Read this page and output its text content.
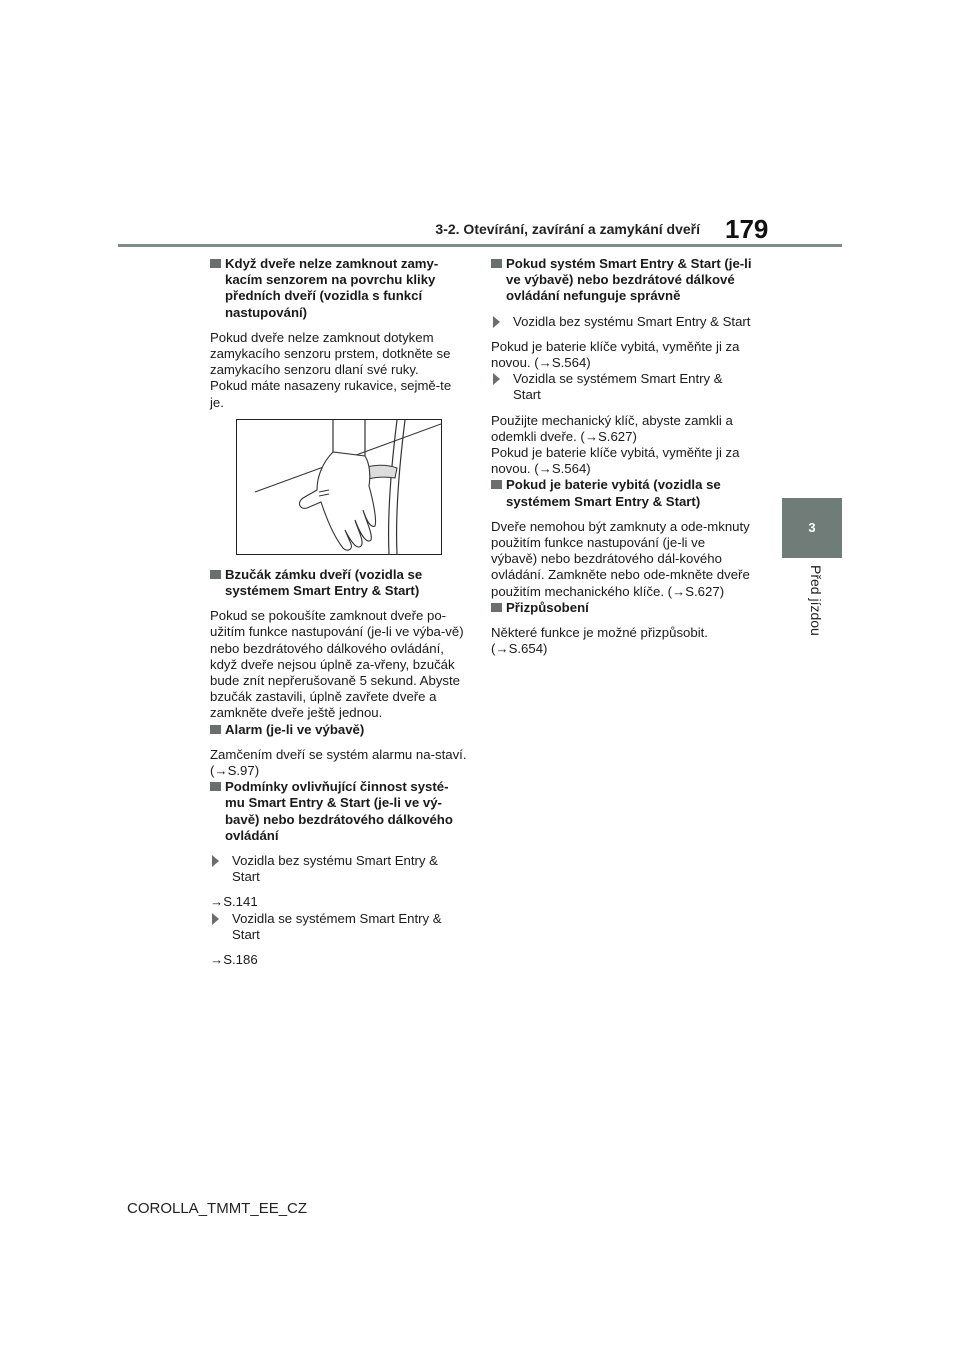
3-2. Otevírání, zavírání a zamykání dveří 179
3
Před jízdou
Když dveře nelze zamknout zamy-kacím senzorem na povrchu kliky předních dveří (vozidla s funkcí nastupování)

Pokud dveře nelze zamknout dotykem zamykacího senzoru prstem, dotkněte se zamykacího senzoru dlaní své ruky.

Pokud máte nasazeny rukavice, sejmě-te je.

Bzučák zámku dveří (vozidla se systémem Smart Entry & Start)

Pokud se pokoušíte zamknout dveře po-užitím funkce nastupování (je-li ve výba-vě) nebo bezdrátového dálkového ovládání, když dveře nejsou úplně za-vřeny, bzučák bude znít nepřerušovaně 5 sekund. Abyste bzučák zastavili, úplně zavřete dveře a zamkněte dveře ještě jednou.

Alarm (je-li ve výbavě)

Zamčením dveří se systém alarmu na-staví. (→S.97)

Podmínky ovlivňující činnost systé-mu Smart Entry & Start (je-li ve vý-bavě) nebo bezdrátového dálkového ovládání
Vozidla bez systému Smart Entry & Start

→S.141

Vozidla se systémem Smart Entry & Start

→S.186

Pokud systém Smart Entry & Start (je-li ve výbavě) nebo bezdrátové dálkové ovládání nefunguje správně
Vozidla bez systému Smart Entry & Start

Pokud je baterie klíče vybitá, vyměňte ji za novou. (→S.564)

Vozidla se systémem Smart Entry & Start

Použijte mechanický klíč, abyste zamkli a odemkli dveře. (→S.627)

Pokud je baterie klíče vybitá, vyměňte ji za novou. (→S.564)

Pokud je baterie vybitá (vozidla se systémem Smart Entry & Start)

Dveře nemohou být zamknuty a ode-mknuty použitím funkce nastupování (je-li ve výbavě) nebo bezdrátového dál-kového ovládání. Zamkněte nebo ode-mkněte dveře použitím mechanického klíče. (→S.627)

Přizpůsobení

Některé funkce je možné přizpůsobit. (→S.654)

COROLLA_TMMT_EE_CZ
